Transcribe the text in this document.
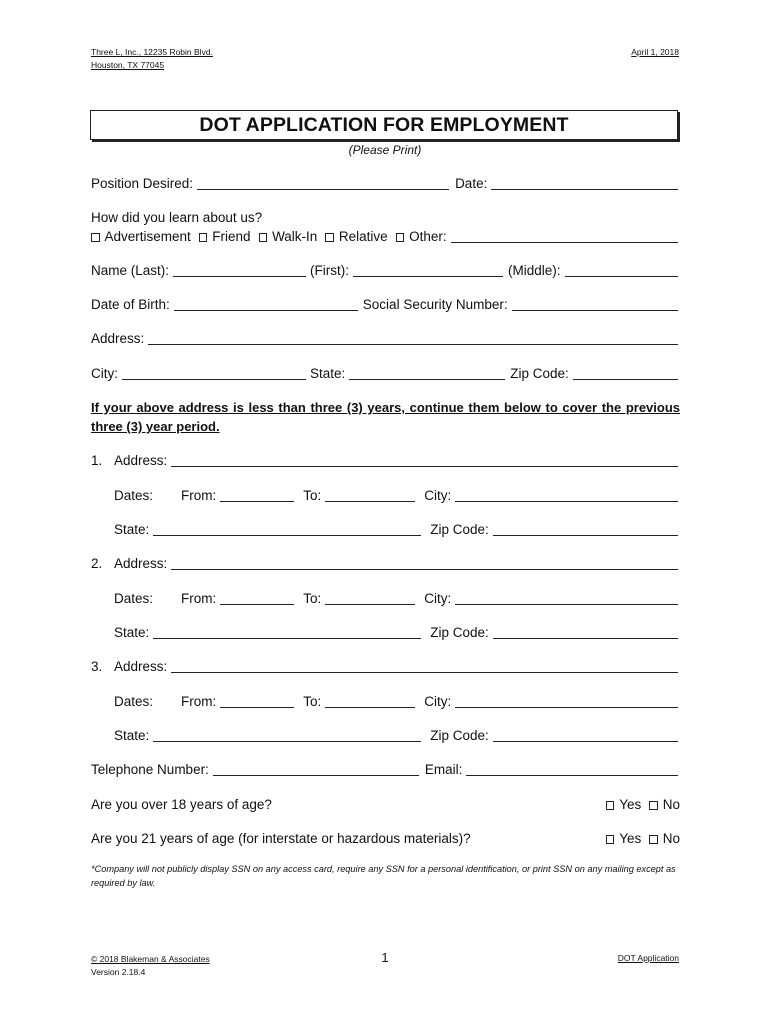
Three L, Inc., 12235 Robin Blvd.
Houston, TX 77045
April 1, 2018
DOT APPLICATION FOR EMPLOYMENT
(Please Print)
Position Desired:	Date:
How did you learn about us?
Advertisement	Friend	Walk-In	Relative	Other:
Name (Last):	(First):	(Middle):
Date of Birth:	Social Security Number:
Address:
City:	State:	Zip Code:
If your above address is less than three (3) years, continue them below to cover the previous three (3) year period.
1. Address:
Dates:	From:	To:	City:
State:	Zip Code:
2. Address:
Dates:	From:	To:	City:
State:	Zip Code:
3. Address:
Dates:	From:	To:	City:
State:	Zip Code:
Telephone Number:	Email:
Are you over 18 years of age?	Yes	No
Are you 21 years of age (for interstate or hazardous materials)?	Yes	No
*Company will not publicly display SSN on any access card, require any SSN for a personal identification, or print SSN on any mailing except as required by law.
© 2018 Blakeman & Associates
Version 2.18.4
1	DOT Application
